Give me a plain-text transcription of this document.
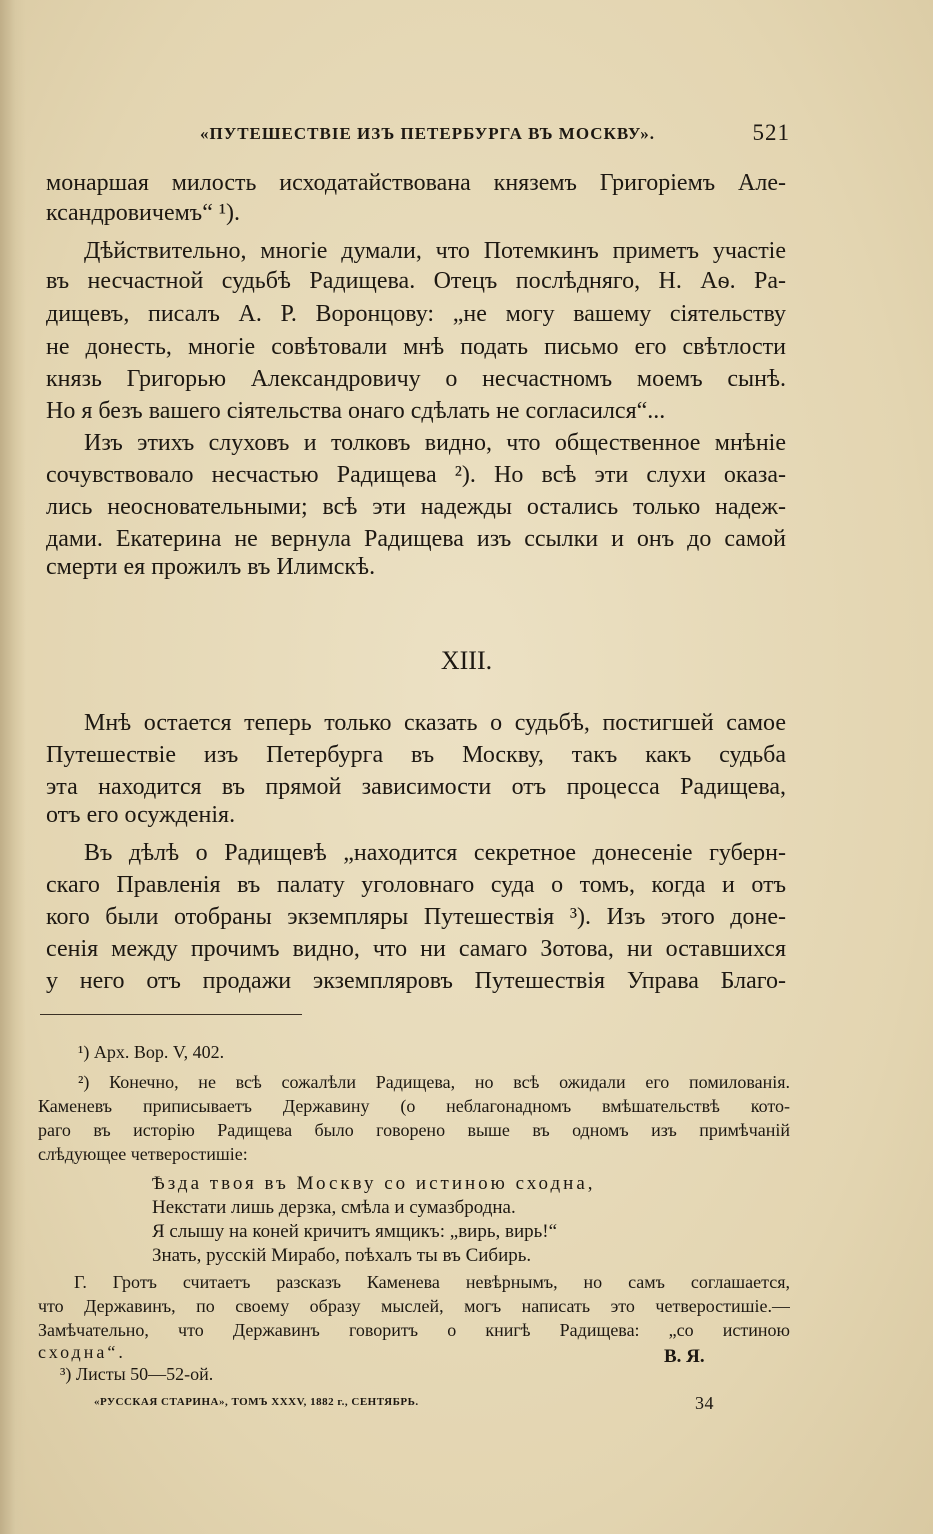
«ПУТЕШЕСТВІЕ ИЗЪ ПЕТЕРБУРГА ВЪ МОСКВУ».	521
монаршая милость исходатайствована княземъ Григоріемъ Але-
ксандровичемъ“ ¹).
Дѣйствительно, многіе думали, что Потемкинъ приметъ участіе
въ несчастной судьбѣ Радищева. Отецъ послѣдняго, Н. Аѳ. Ра-
дищевъ, писалъ А. Р. Воронцову: „не могу вашему сіятельству
не донесть, многіе совѣтовали мнѣ подать письмо его свѣтлости
князь Григорью Александровичу о несчастномъ моемъ сынѣ.
Но я безъ вашего сіятельства онаго сдѣлать не согласился“...
Изъ этихъ слуховъ и толковъ видно, что общественное мнѣніе
сочувствовало несчастью Радищева ²). Но всѣ эти слухи оказа-
лись неосновательными; всѣ эти надежды остались только надеж-
дами. Екатерина не вернула Радищева изъ ссылки и онъ до самой
смерти ея прожилъ въ Илимскѣ.
XIII.
Мнѣ остается теперь только сказать о судьбѣ, постигшей самое
Путешествіе изъ Петербурга въ Москву, такъ какъ судьба
эта находится въ прямой зависимости отъ процесса Радищева,
отъ его осужденія.
Въ дѣлѣ о Радищевѣ „находится секретное донесеніе губерн-
скаго Правленія въ палату уголовнаго суда о томъ, когда и отъ
кого были отобраны экземпляры Путешествія ³). Изъ этого доне-
сенія между прочимъ видно, что ни самаго Зотова, ни оставшихся
у него отъ продажи экземпляровъ Путешествія Управа Благо-
¹) Арх. Вор. V, 402.
²) Конечно, не всѣ сожалѣли Радищева, но всѣ ожидали его помилованія.
Каменевъ приписываетъ Державину (о неблагонадномъ вмѣшательствѣ кото-
раго въ исторію Радищева было говорено выше въ одномъ изъ примѣчаній
слѣдующее четверостишіе:
Ѣзда твоя въ Москву со истиною сходна,
Некстати лишь дерзка, смѣла и сумазбродна.
Я слышу на коней кричитъ ямщикъ: „вирь, вирь!“
Знать, русскій Мирабо, поѣхалъ ты въ Сибирь.
Г. Гротъ считаетъ разсказъ Каменева невѣрнымъ, но самъ соглашается,
что Державинъ, по своему образу мыслей, могъ написать это четверостишіе.—
Замѣчательно, что Державинъ говоритъ о книгѣ Радищева: „со истиною
сходна“.	В. Я.
³) Листы 50—52-ой.
«РУССКАЯ СТАРИНА», ТОМЪ XXXV, 1882 г., СЕНТЯБРЬ.	34
